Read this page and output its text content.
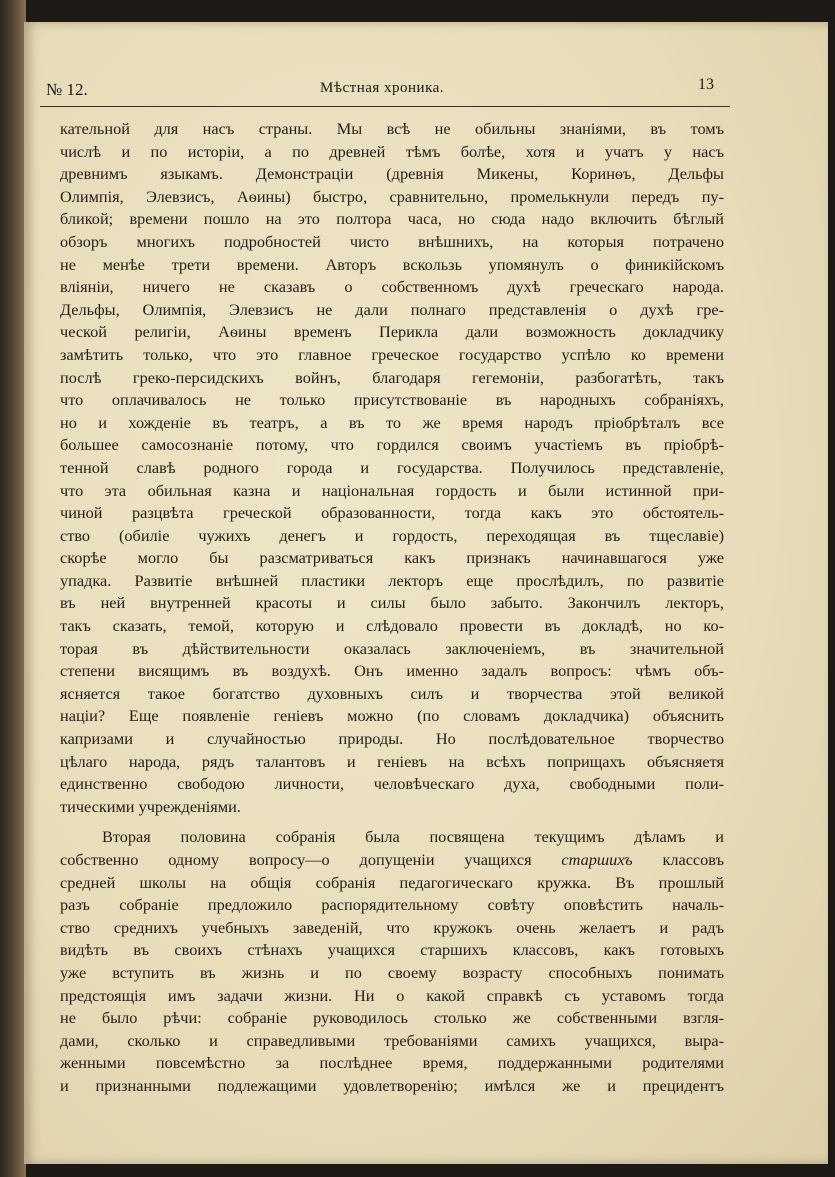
№ 12.	Мѣстная хроника.	13
кательной для насъ страны. Мы всѣ не обильны знаніями, въ томъ
числѣ и по исторіи, а по древней тѣмъ болѣе, хотя и учатъ у насъ
древнимъ языкамъ. Демонстраціи (древнія Микены, Коринѳъ, Дельфы
Олимпія, Элевзисъ, Аѳины) быстро, сравнительно, промелькнули передъ пу-
бликой; времени пошло на это полтора часа, но сюда надо включить бѣглый
обзоръ многихъ подробностей чисто внѣшнихъ, на которыя потрачено
не менѣе трети времени. Авторъ вскользь упомянулъ о финикійскомъ
вліяніи, ничего не сказавъ о собственномъ духѣ греческаго народа.
Дельфы, Олимпія, Элевзисъ не дали полнаго представленія о духѣ гре-
ческой религіи, Аѳины временъ Перикла дали возможность докладчику
замѣтить только, что это главное греческое государство успѣло ко времени
послѣ греко-персидскихъ войнъ, благодаря гегемоніи, разбогатѣть, такъ
что оплачивалось не только присутствованіе въ народныхъ собраніяхъ,
но и хожденіе въ театръ, а въ то же время народъ пріобрѣталъ все
большее самосознаніе потому, что гордился своимъ участіемъ въ пріобрѣ-
тенной славѣ родного города и государства. Получилось представленіе,
что эта обильная казна и національная гордость и были истинной при-
чиной разцвѣта греческой образованности, тогда какъ это обстоятель-
ство (обиліе чужихъ денегъ и гордость, переходящая въ тщеславіе)
скорѣе могло бы разсматриваться какъ признакъ начинавшагося уже
упадка. Развитіе внѣшней пластики лекторъ еще прослѣдилъ, по развитіе
въ ней внутренней красоты и силы было забыто. Закончилъ лекторъ,
такъ сказать, темой, которую и слѣдовало провести въ докладѣ, но ко-
торая въ дѣйствительности оказалась заключеніемъ, въ значительной
степени висящимъ въ воздухѣ. Онъ именно задалъ вопросъ: чѣмъ объ-
ясняется такое богатство духовныхъ силъ и творчества этой великой
націи? Еще появленіе геніевъ можно (по словамъ докладчика) объяснить
капризами и случайностью природы. Но послѣдовательное творчество
цѣлаго народа, рядъ талантовъ и геніевъ на всѣхъ поприщахъ объясняетя
единственно свободою личности, человѣческаго духа, свободными поли-
тическими учрежденіями.
Вторая половина собранія была посвящена текущимъ дѣламъ и
собственно одному вопросу—о допущеніи учащихся старшихъ классовъ
средней школы на общія собранія педагогическаго кружка. Въ прошлый
разъ собраніе предложило распорядительному совѣту оповѣстить началь-
ство среднихъ учебныхъ заведеній, что кружокъ очень желаетъ и радъ
видѣть въ своихъ стѣнахъ учащихся старшихъ классовъ, какъ готовыхъ
уже вступить въ жизнь и по своему возрасту способныхъ понимать
предстоящія имъ задачи жизни. Ни о какой справкѣ съ уставомъ тогда
не было рѣчи: собраніе руководилось столько же собственными взгля-
дами, сколько и справедливыми требованіями самихъ учащихся, выра-
женными повсемѣстно за послѣднее время, поддержанными родителями
и признанными подлежащими удовлетворенію; имѣлся же и прецидентъ
